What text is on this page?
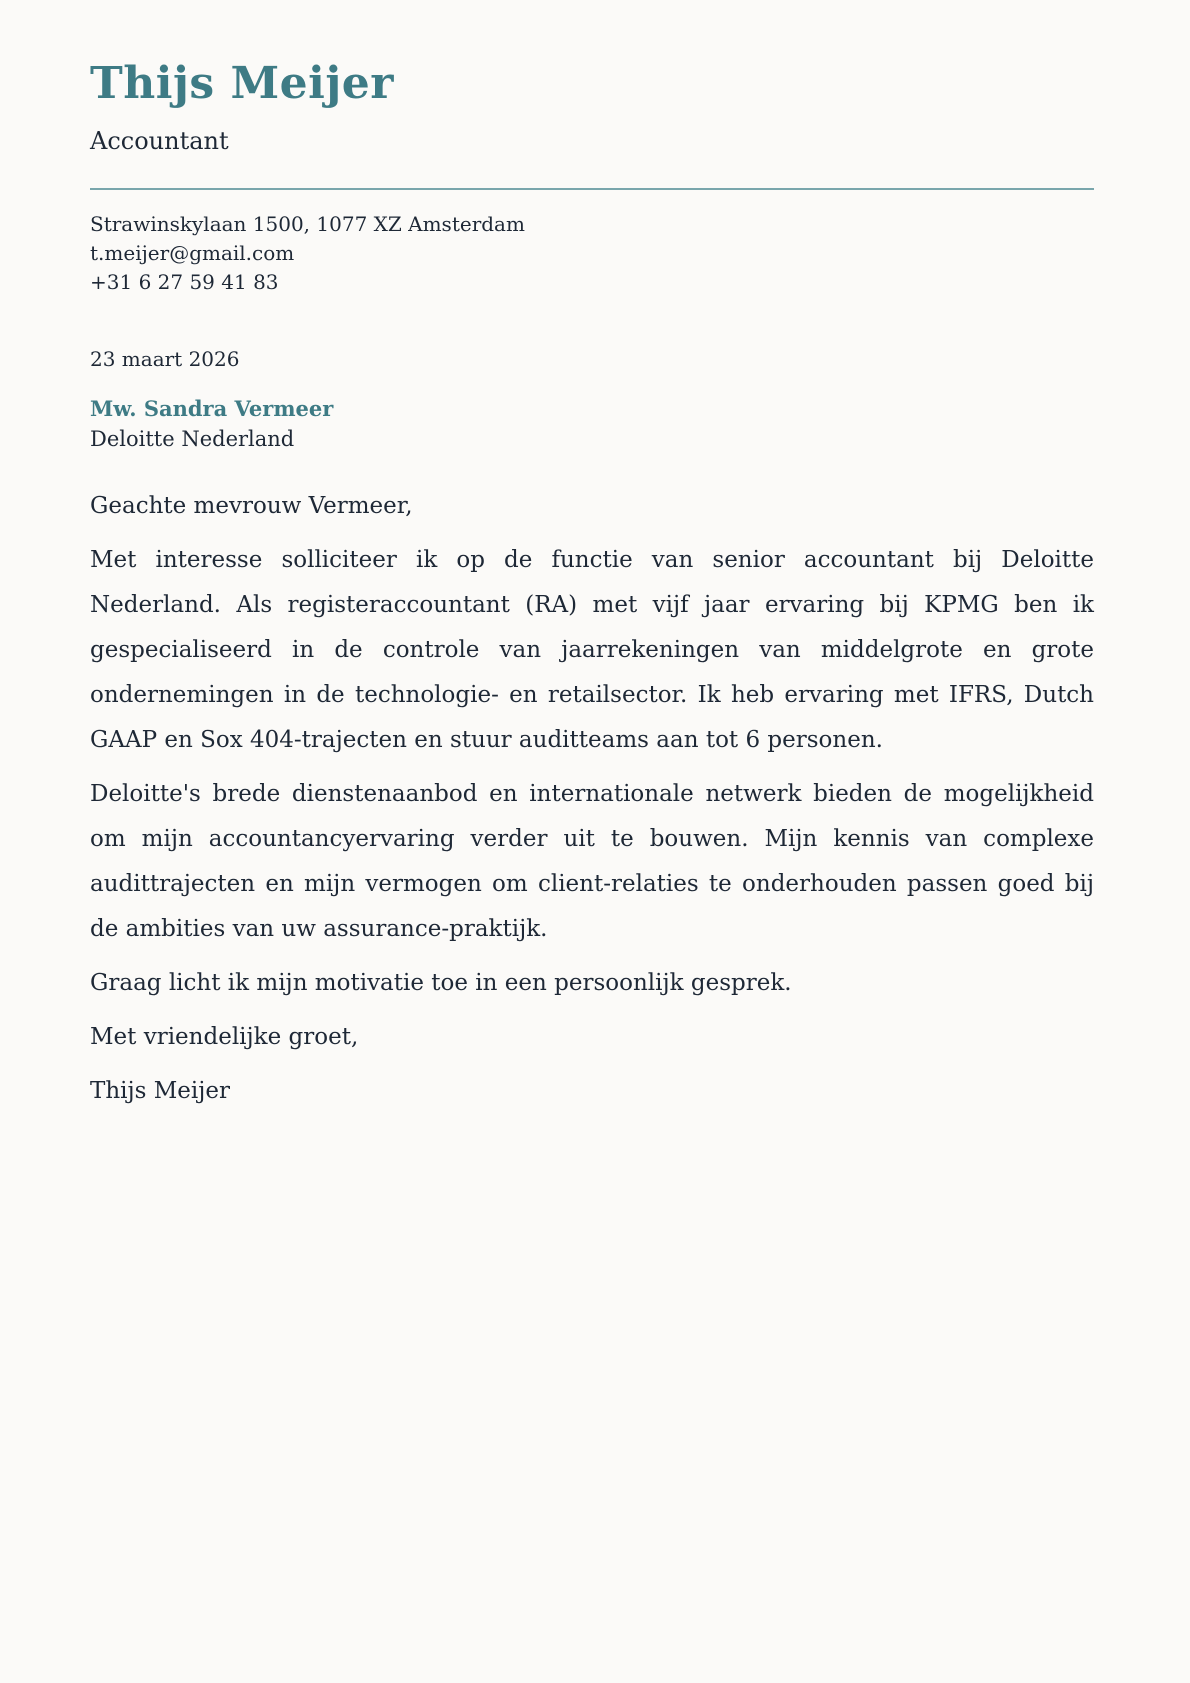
Thijs Meijer
Accountant

Strawinskylaan 1500, 1077 XZ Amsterdam

t.meijer@gmail.com

+31 6 27 59 41 83

23 maart 2026

Mw. Sandra Vermeer

Deloitte Nederland

Geachte mevrouw Vermeer,

Met interesse solliciteer ik op de functie van senior accountant bij Deloitte Nederland. Als registeraccountant (RA) met vijf jaar ervaring bij KPMG ben ik gespecialiseerd in de controle van jaarrekeningen van middelgrote en grote ondernemingen in de technologie- en retailsector. Ik heb ervaring met IFRS, Dutch GAAP en Sox 404-trajecten en stuur auditteams aan tot 6 personen.

Deloitte's brede dienstenaanbod en internationale netwerk bieden de mogelijkheid om mijn accountancyervaring verder uit te bouwen. Mijn kennis van complexe audittrajecten en mijn vermogen om client-relaties te onderhouden passen goed bij de ambities van uw assurance-praktijk.

Graag licht ik mijn motivatie toe in een persoonlijk gesprek.

Met vriendelijke groet,

Thijs Meijer
